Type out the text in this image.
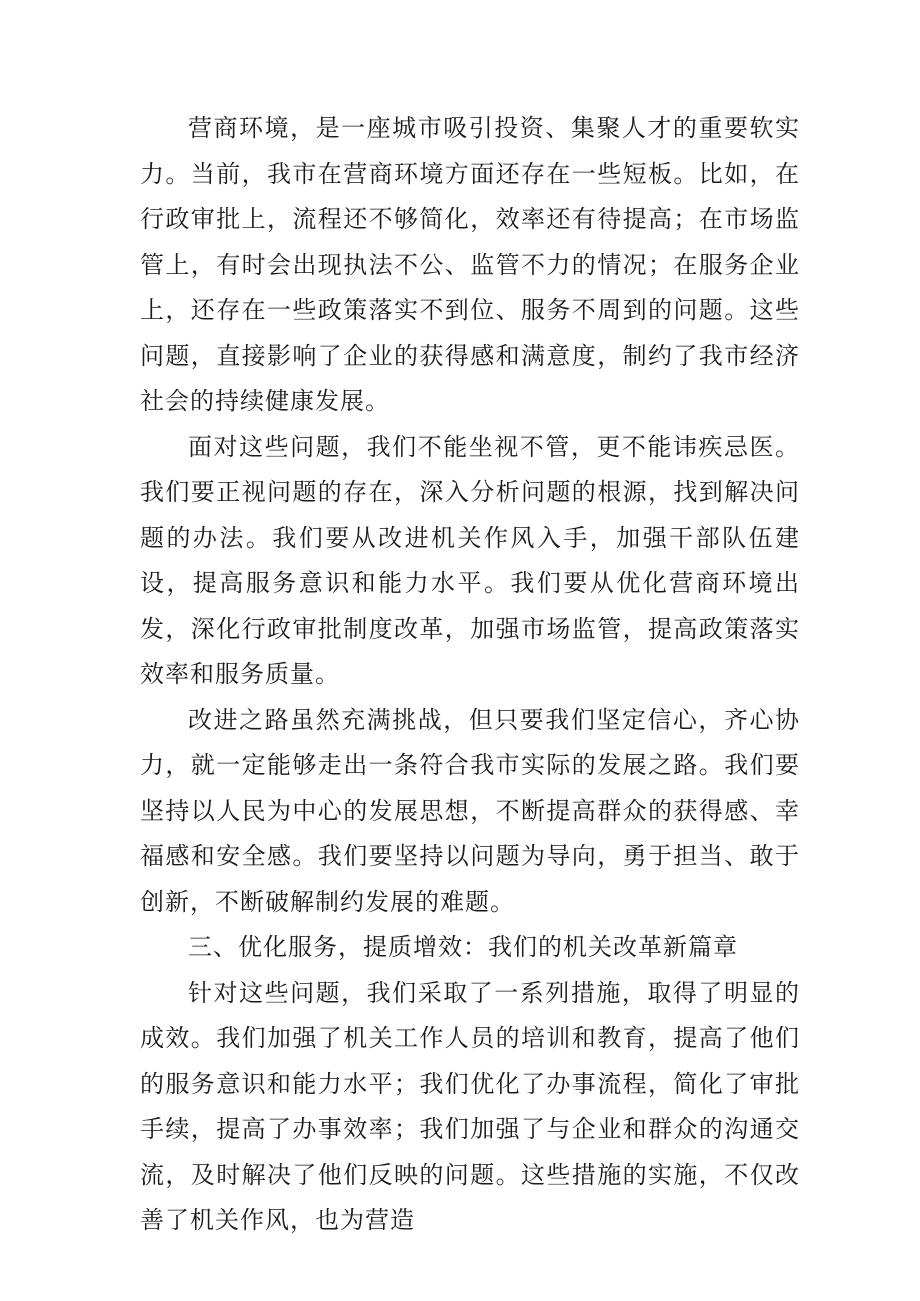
营商环境，是一座城市吸引投资、集聚人才的重要软实力。当前，我市在营商环境方面还存在一些短板。比如，在行政审批上，流程还不够简化，效率还有待提高；在市场监管上，有时会出现执法不公、监管不力的情况；在服务企业上，还存在一些政策落实不到位、服务不周到的问题。这些问题，直接影响了企业的获得感和满意度，制约了我市经济社会的持续健康发展。

面对这些问题，我们不能坐视不管，更不能讳疾忌医。我们要正视问题的存在，深入分析问题的根源，找到解决问题的办法。我们要从改进机关作风入手，加强干部队伍建设，提高服务意识和能力水平。我们要从优化营商环境出发，深化行政审批制度改革，加强市场监管，提高政策落实效率和服务质量。

改进之路虽然充满挑战，但只要我们坚定信心，齐心协力，就一定能够走出一条符合我市实际的发展之路。我们要坚持以人民为中心的发展思想，不断提高群众的获得感、幸福感和安全感。我们要坚持以问题为导向，勇于担当、敢于创新，不断破解制约发展的难题。

三、优化服务，提质增效：我们的机关改革新篇章

针对这些问题，我们采取了一系列措施，取得了明显的成效。我们加强了机关工作人员的培训和教育，提高了他们的服务意识和能力水平；我们优化了办事流程，简化了审批手续，提高了办事效率；我们加强了与企业和群众的沟通交流，及时解决了他们反映的问题。这些措施的实施，不仅改善了机关作风，也为营造
